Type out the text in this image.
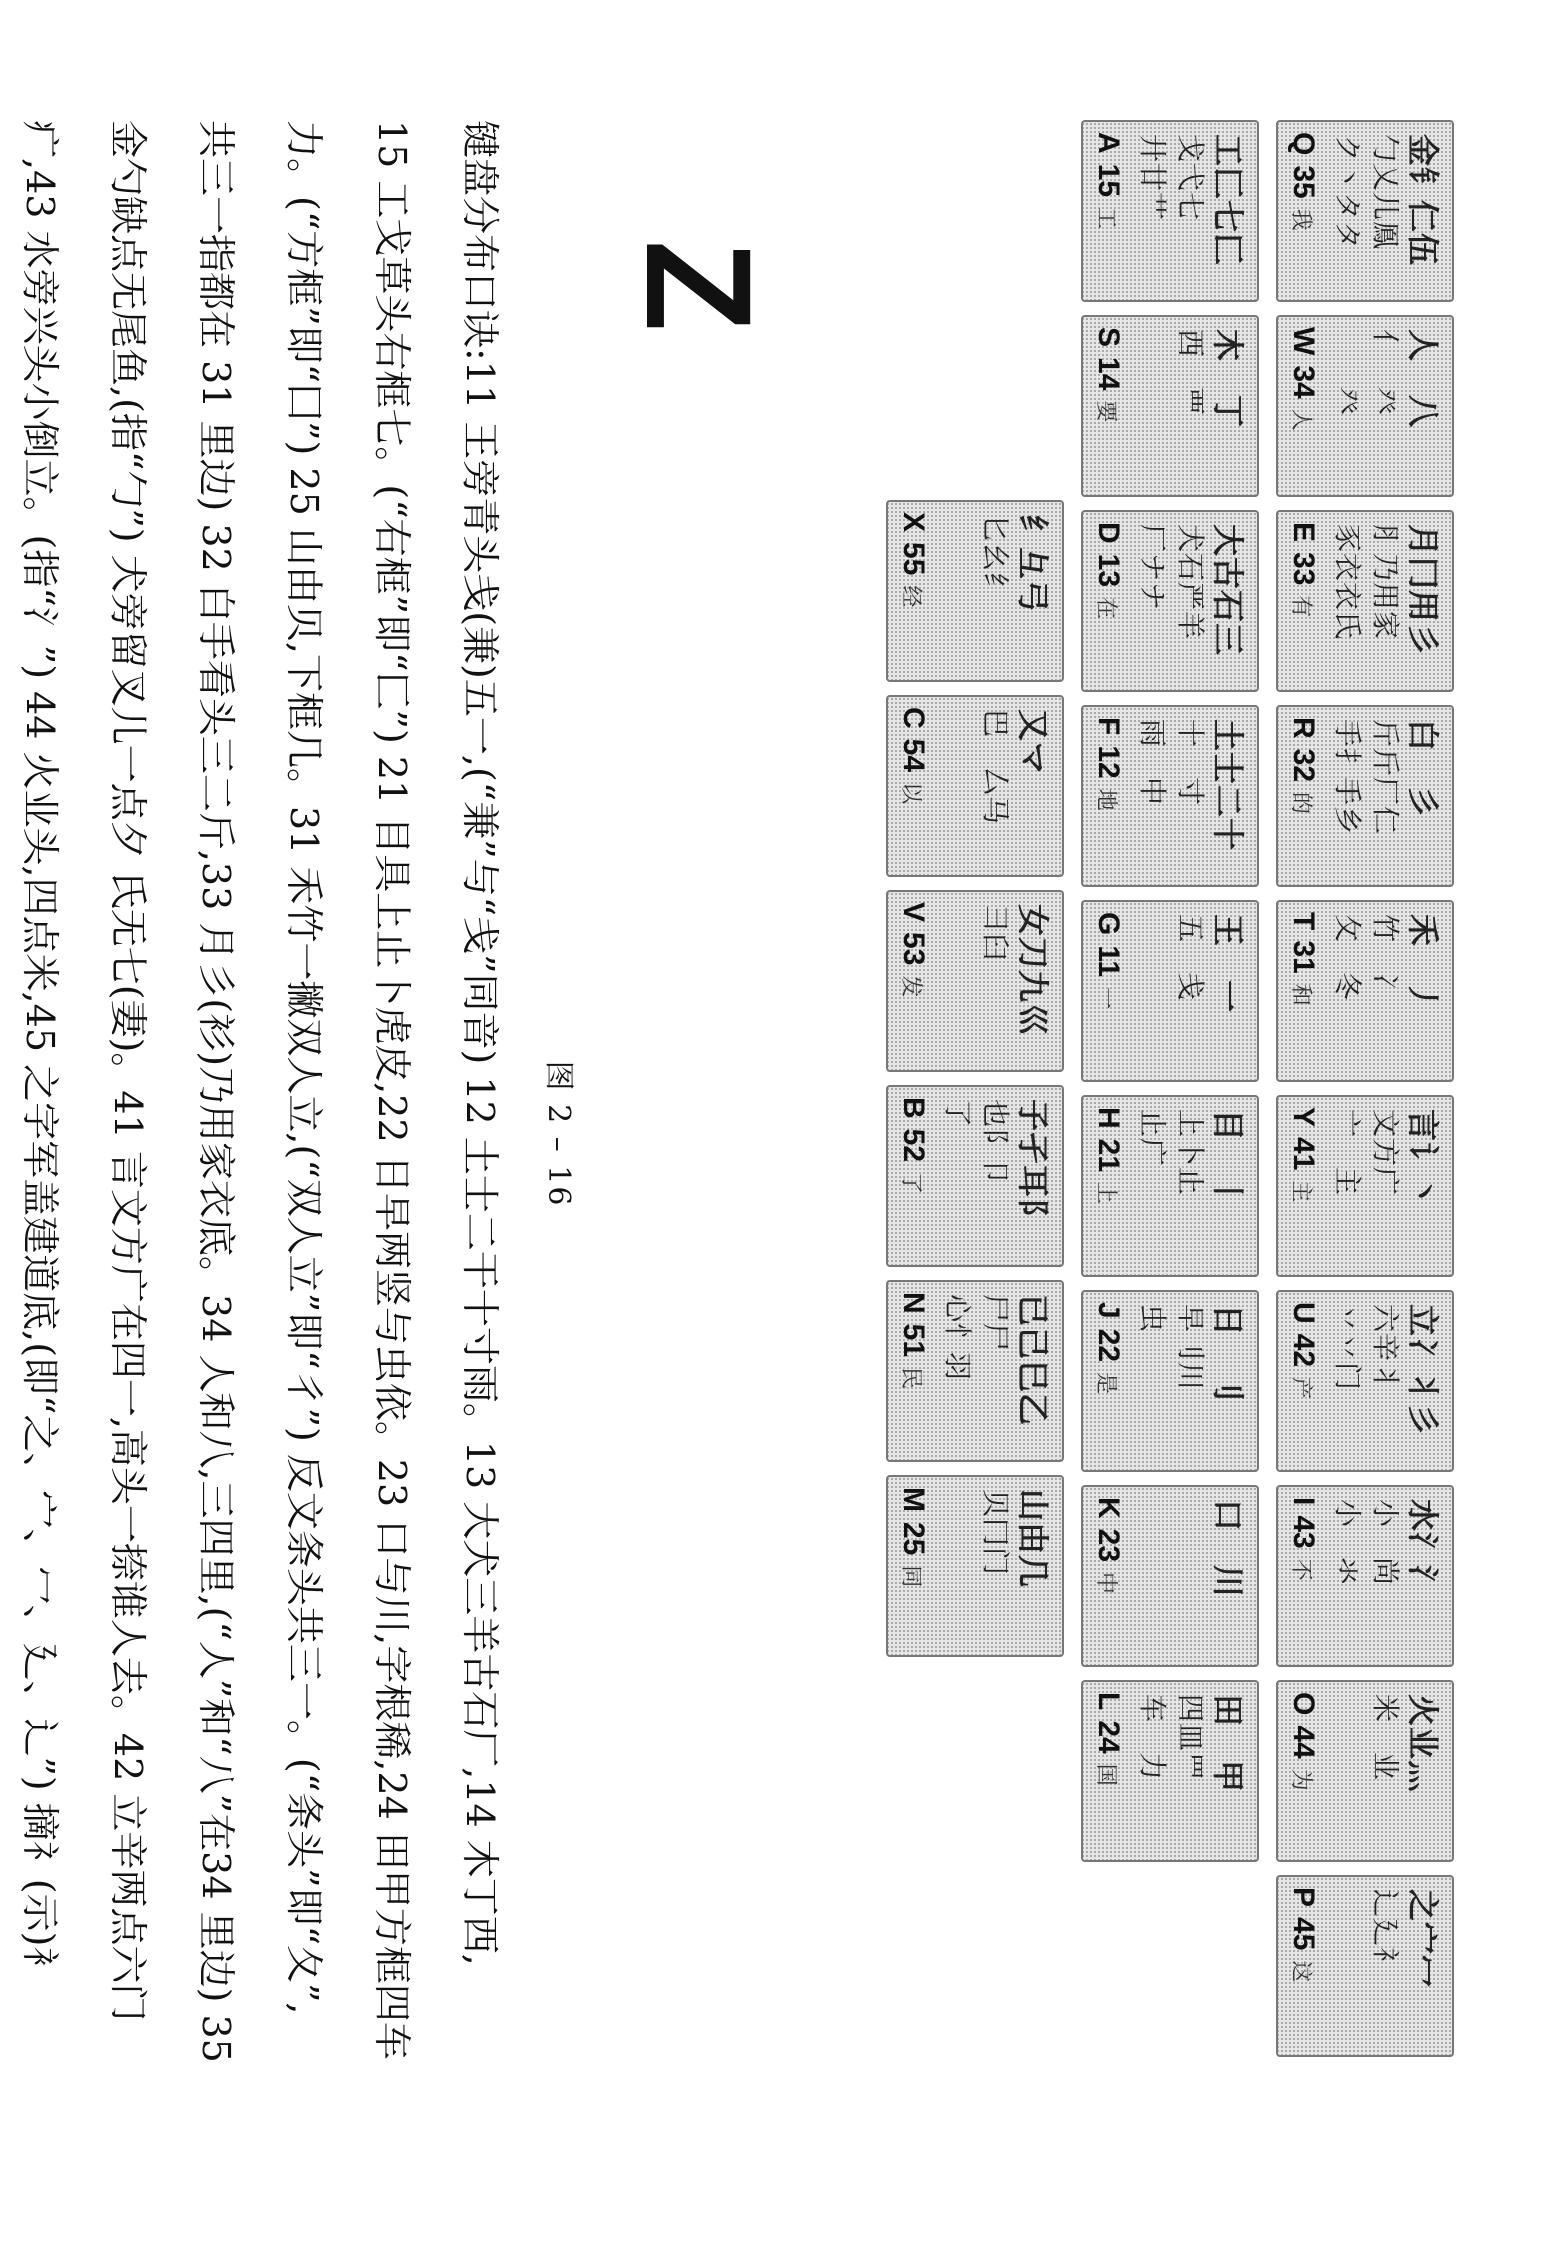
金钅仁伍
勹乂儿鳯
ク丶タタ
Q
35
我
人　八
亻　癶
　　癶
W
34
人
月冂用彡
⺼乃用家
豕衣衣氏
E
33
有
白　彡
斤斤厂仁
手扌手乡
R
32
的
禾　丿
竹　冫
攵　冬
T
31
和
言讠丶
文方广
亠　主
Y
41
主
立冫丬彡
六辛丬
丷丷门
U
42
产
水氵氵
小　尚
小　氺
I
43
不
火业灬
米　业
O
44
为
之宀冖
辶廴礻
P
45
这
工匚七匚
戈弋七
廾廿艹
A
15
工
木　丁
西　覀
S
14
要
大古石三
犬石严羊
厂ナナ
D
13
在
土士二十
十　寸
雨　中
F
12
地
王　一
五　戋
G
11
一
目　丨
上卜止
止广
H
21
上
日　刂
早刂川
虫
J
22
是
口　川
K
23
中
田　甲
四皿罒
车　力
L
24
国
纟彑弓
匕幺纟
X
55
经
又マ
巴　厶马
C
54
以
女刀九巛
彐臼
V
53
发
子孑耳阝
也阝卩
了
B
52
了
已己巳乙
尸尸
心忄羽
N
51
民
山由几
贝冂门
M
25
同
Z
图 2 – 16

键盘分布口诀:11 王旁青头戋(兼)五一,(“兼”与“戋”同音) 12 土士二干十寸雨。13 大犬三羊古石厂,14 木丁西,

15 工戈草头右框七。(“右框”即“匚”) 21 目具上止卜虎皮,22 日早两竖与虫依。23 口与川,字根稀,24 田甲方框四车

力。(“方框”即“囗”) 25 山由贝,下框几。31 禾竹一撇双人立,(“双人立”即“彳”) 反文条头共三一。(“条头”即“夂”,

共三一指都在 31 里边) 32 白手看头三二斤,33 月彡(衫)乃用家衣底。34 人和八,三四里,(“人”和“八”在34 里边) 35

金勺缺点无尾鱼,(指“勹”) 犬旁留叉儿一点夕 氏无七(妻)。41 言文方广在四一,高头一捺谁人去。42 立辛两点六门

疒,43 水旁兴头小倒立。(指“氵”) 44 火业头,四点米,45 之字军盖建道底,(即“之、宀、冖、廴、辶”) 摘礻(示)衤
